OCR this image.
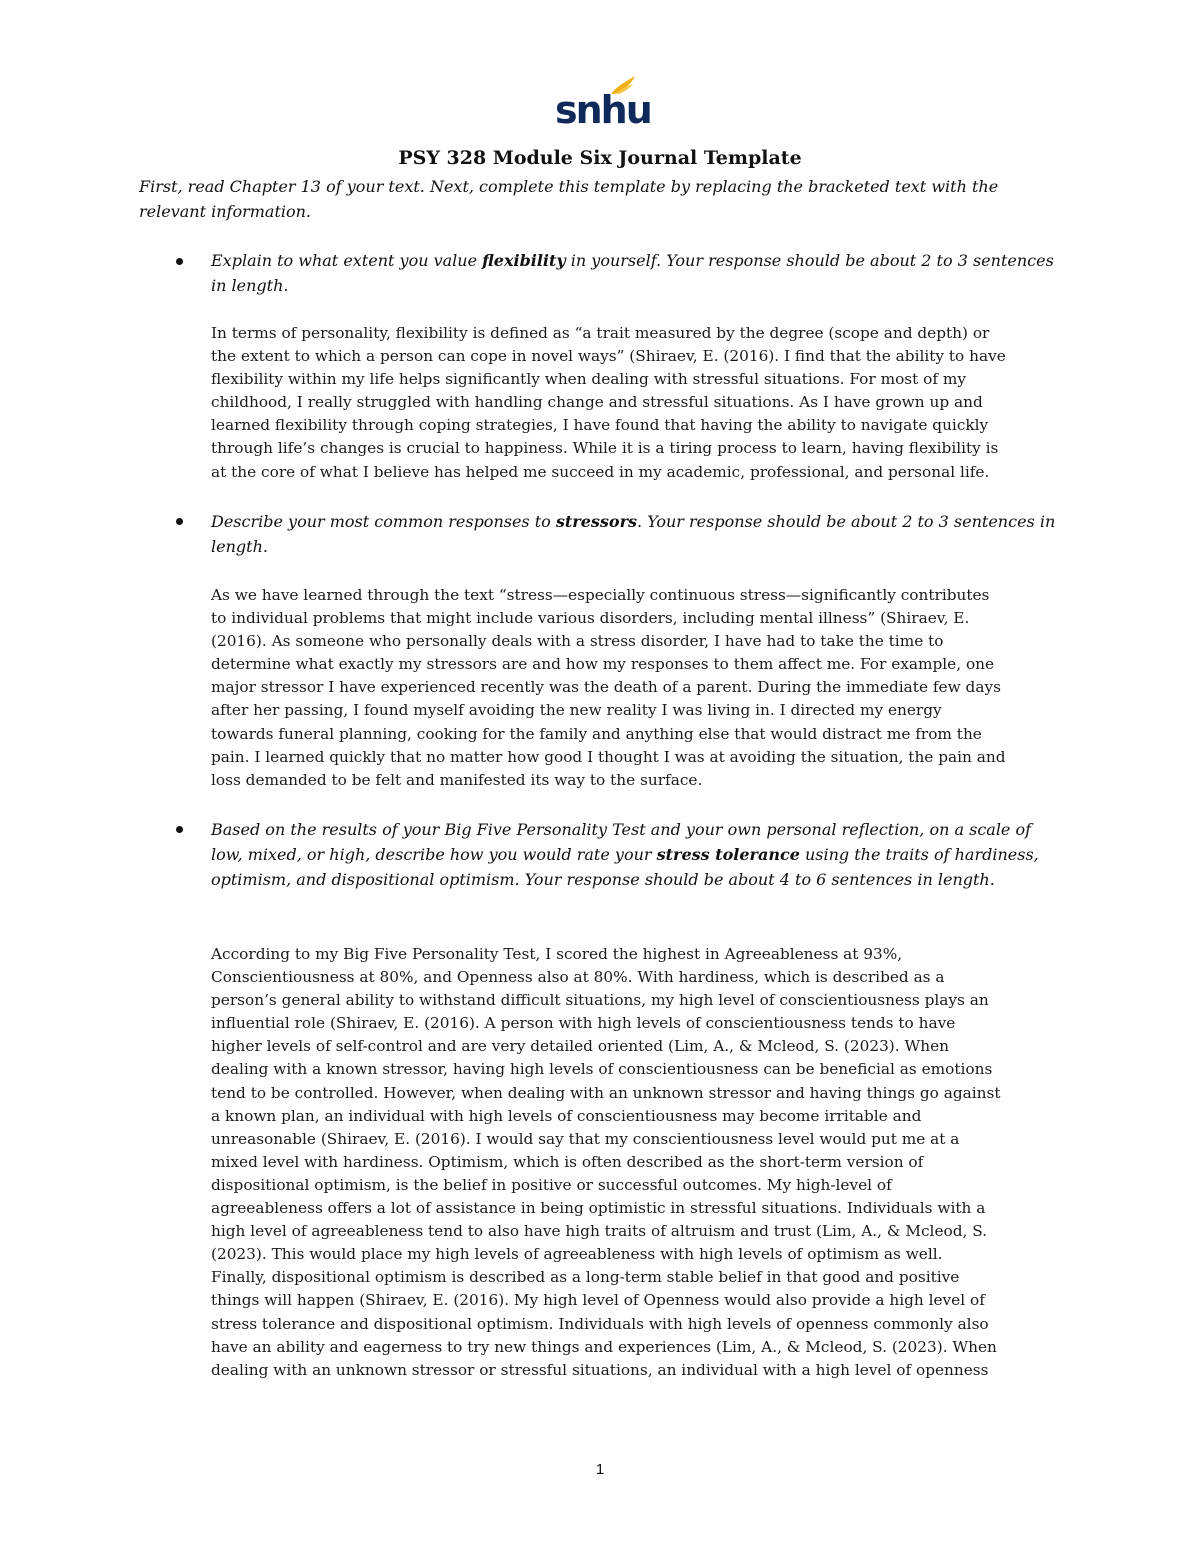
snhu
PSY 328 Module Six Journal Template
First, read Chapter 13 of your text. Next, complete this template by replacing the bracketed text with the relevant information.
Explain to what extent you value flexibility in yourself. Your response should be about 2 to 3 sentences in length.

In terms of personality, flexibility is defined as “a trait measured by the degree (scope and depth) or

the extent to which a person can cope in novel ways” (Shiraev, E. (2016). I find that the ability to have

flexibility within my life helps significantly when dealing with stressful situations. For most of my

childhood, I really struggled with handling change and stressful situations. As I have grown up and

learned flexibility through coping strategies, I have found that having the ability to navigate quickly

through life’s changes is crucial to happiness. While it is a tiring process to learn, having flexibility is

at the core of what I believe has helped me succeed in my academic, professional, and personal life.

Describe your most common responses to stressors. Your response should be about 2 to 3 sentences in length.

As we have learned through the text “stress—especially continuous stress—significantly contributes

to individual problems that might include various disorders, including mental illness” (Shiraev, E.

(2016). As someone who personally deals with a stress disorder, I have had to take the time to

determine what exactly my stressors are and how my responses to them affect me. For example, one

major stressor I have experienced recently was the death of a parent. During the immediate few days

after her passing, I found myself avoiding the new reality I was living in. I directed my energy

towards funeral planning, cooking for the family and anything else that would distract me from the

pain. I learned quickly that no matter how good I thought I was at avoiding the situation, the pain and

loss demanded to be felt and manifested its way to the surface.

Based on the results of your Big Five Personality Test and your own personal reflection, on a scale of low, mixed, or high, describe how you would rate your stress tolerance using the traits of hardiness, optimism, and dispositional optimism. Your response should be about 4 to 6 sentences in length.

According to my Big Five Personality Test, I scored the highest in Agreeableness at 93%,

Conscientiousness at 80%, and Openness also at 80%. With hardiness, which is described as a

person’s general ability to withstand difficult situations, my high level of conscientiousness plays an

influential role (Shiraev, E. (2016). A person with high levels of conscientiousness tends to have

higher levels of self-control and are very detailed oriented (Lim, A., & Mcleod, S. (2023). When

dealing with a known stressor, having high levels of conscientiousness can be beneficial as emotions

tend to be controlled. However, when dealing with an unknown stressor and having things go against

a known plan, an individual with high levels of conscientiousness may become irritable and

unreasonable (Shiraev, E. (2016). I would say that my conscientiousness level would put me at a

mixed level with hardiness. Optimism, which is often described as the short-term version of

dispositional optimism, is the belief in positive or successful outcomes. My high-level of

agreeableness offers a lot of assistance in being optimistic in stressful situations. Individuals with a

high level of agreeableness tend to also have high traits of altruism and trust (Lim, A., & Mcleod, S.

(2023). This would place my high levels of agreeableness with high levels of optimism as well.

Finally, dispositional optimism is described as a long-term stable belief in that good and positive

things will happen (Shiraev, E. (2016). My high level of Openness would also provide a high level of

stress tolerance and dispositional optimism. Individuals with high levels of openness commonly also

have an ability and eagerness to try new things and experiences (Lim, A., & Mcleod, S. (2023). When

dealing with an unknown stressor or stressful situations, an individual with a high level of openness

1
